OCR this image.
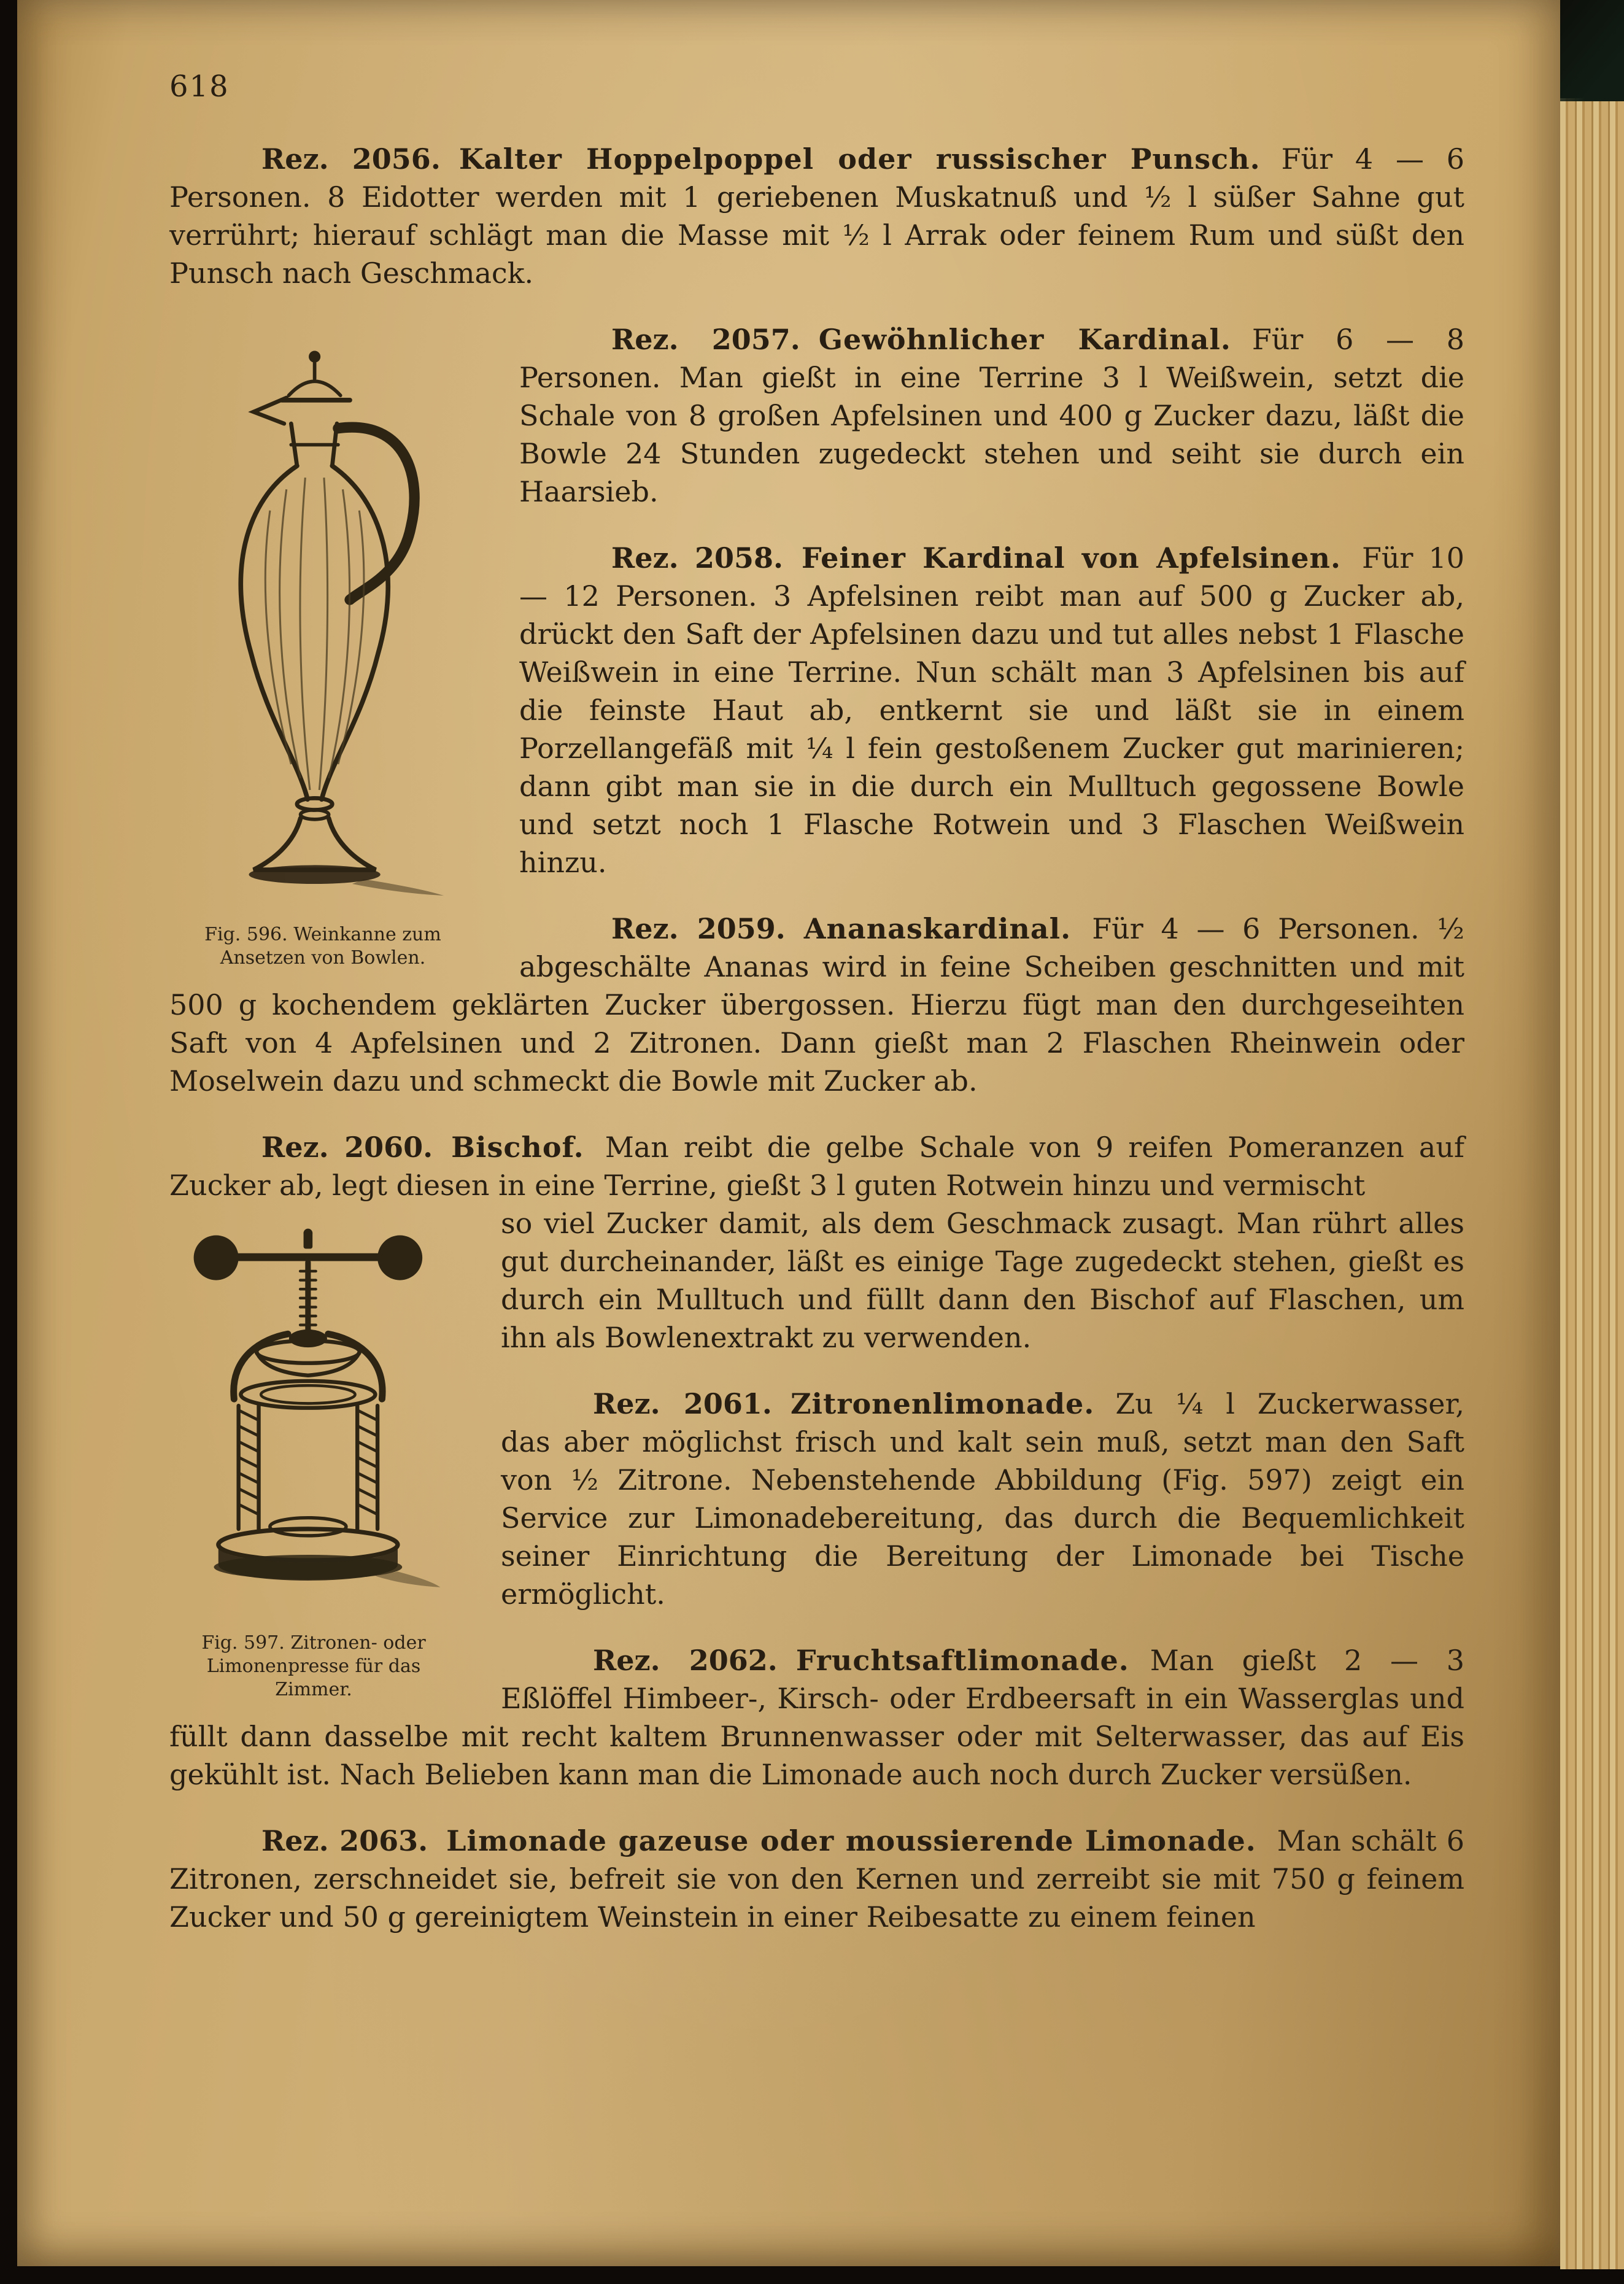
618

Rez. 2056. Kalter Hoppelpoppel oder russischer Punsch. Für 4 — 6 Personen. 8 Eidotter werden mit 1 geriebenen Muskatnuß und ½ l süßer Sahne gut verrührt; hierauf schlägt man die Masse mit ½ l Arrak oder feinem Rum und süßt den Punsch nach Geschmack.

Fig. 596. Weinkanne zum Ansetzen von Bowlen.

Rez. 2057. Gewöhnlicher Kardinal. Für 6 — 8 Personen. Man gießt in eine Terrine 3 l Weißwein, setzt die Schale von 8 großen Apfelsinen und 400 g Zucker dazu, läßt die Bowle 24 Stunden zugedeckt stehen und seiht sie durch ein Haarsieb.

Rez. 2058. Feiner Kardinal von Apfelsinen. Für 10 — 12 Personen. 3 Apfelsinen reibt man auf 500 g Zucker ab, drückt den Saft der Apfelsinen dazu und tut alles nebst 1 Flasche Weißwein in eine Terrine. Nun schält man 3 Apfelsinen bis auf die feinste Haut ab, entkernt sie und läßt sie in einem Porzellangefäß mit ¼ l fein gestoßenem Zucker gut marinieren; dann gibt man sie in die durch ein Mulltuch gegossene Bowle und setzt noch 1 Flasche Rotwein und 3 Flaschen Weißwein hinzu.

Rez. 2059. Ananaskardinal. Für 4 — 6 Personen. ½ abgeschälte Ananas wird in feine Scheiben geschnitten und mit 500 g kochendem geklärten Zucker übergossen. Hierzu fügt man den durchgeseihten Saft von 4 Apfelsinen und 2 Zitronen. Dann gießt man 2 Flaschen Rheinwein oder Moselwein dazu und schmeckt die Bowle mit Zucker ab.

Rez. 2060. Bischof. Man reibt die gelbe Schale von 9 reifen Pomeranzen auf Zucker ab, legt diesen in eine Terrine, gießt 3 l guten Rotwein hinzu und vermischt

Fig. 597. Zitronen- oder Limonenpresse für das Zimmer.

so viel Zucker damit, als dem Geschmack zusagt. Man rührt alles gut durcheinander, läßt es einige Tage zugedeckt stehen, gießt es durch ein Mulltuch und füllt dann den Bischof auf Flaschen, um ihn als Bowlenextrakt zu verwenden.

Rez. 2061. Zitronenlimonade. Zu ¼ l Zuckerwasser, das aber möglichst frisch und kalt sein muß, setzt man den Saft von ½ Zitrone. Nebenstehende Abbildung (Fig. 597) zeigt ein Service zur Limonadebereitung, das durch die Bequemlichkeit seiner Einrichtung die Bereitung der Limonade bei Tische ermöglicht.

Rez. 2062. Fruchtsaftlimonade. Man gießt 2 — 3 Eßlöffel Himbeer-, Kirsch- oder Erdbeersaft in ein Wasserglas und füllt dann dasselbe mit recht kaltem Brunnenwasser oder mit Selterwasser, das auf Eis gekühlt ist. Nach Belieben kann man die Limonade auch noch durch Zucker versüßen.

Rez. 2063. Limonade gazeuse oder moussierende Limonade. Man schält 6 Zitronen, zerschneidet sie, befreit sie von den Kernen und zerreibt sie mit 750 g feinem Zucker und 50 g gereinigtem Weinstein in einer Reibesatte zu einem feinen
